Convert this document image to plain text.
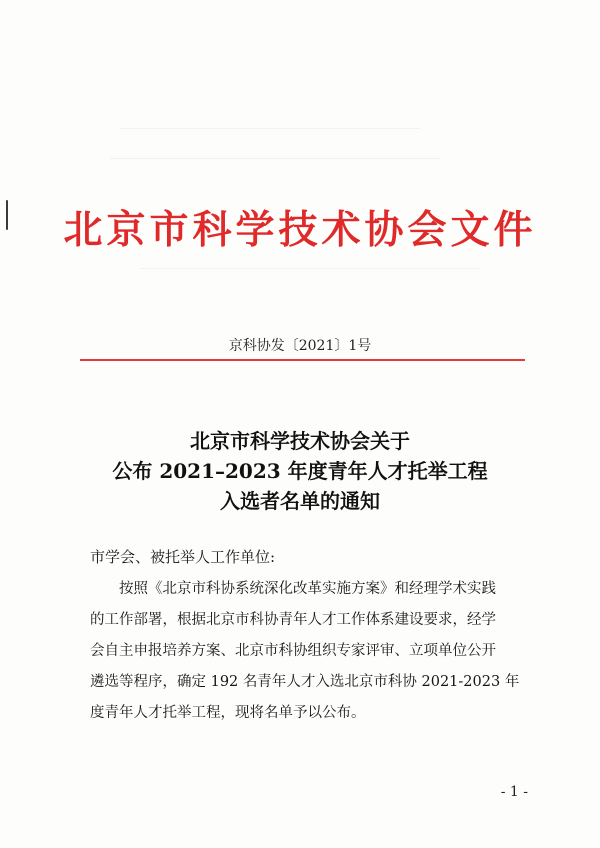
北京市科学技术协会文件
京科协发〔2021〕1号
北京市科学技术协会关于
公布 2021–2023 年度青年人才托举工程
入选者名单的通知
市学会、被托举人工作单位:
按照《北京市科协系统深化改革实施方案》和经理学术实践
的工作部署，根据北京市科协青年人才工作体系建设要求，经学
会自主申报培养方案、北京市科协组织专家评审、立项单位公开
遴选等程序，确定 192 名青年人才入选北京市科协 2021-2023 年
度青年人才托举工程，现将名单予以公布。
- 1 -
